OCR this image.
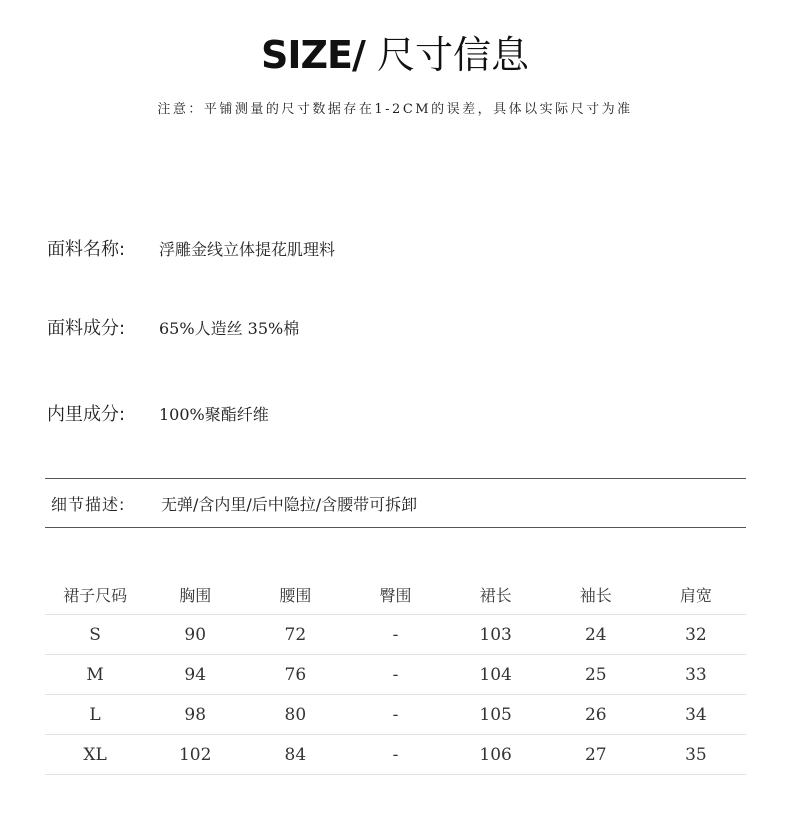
SIZE/ 尺寸信息
注意：平铺测量的尺寸数据存在1-2CM的误差，具体以实际尺寸为准
面料名称:	浮雕金线立体提花肌理料
面料成分:	65%人造丝 35%棉
内里成分:	100%聚酯纤维
细节描述:	无弹/含内里/后中隐拉/含腰带可拆卸
裙子尺码	胸围	腰围	臀围	裙长	袖长	肩宽
S	90	72	-	103	24	32
M	94	76	-	104	25	33
L	98	80	-	105	26	34
XL	102	84	-	106	27	35
